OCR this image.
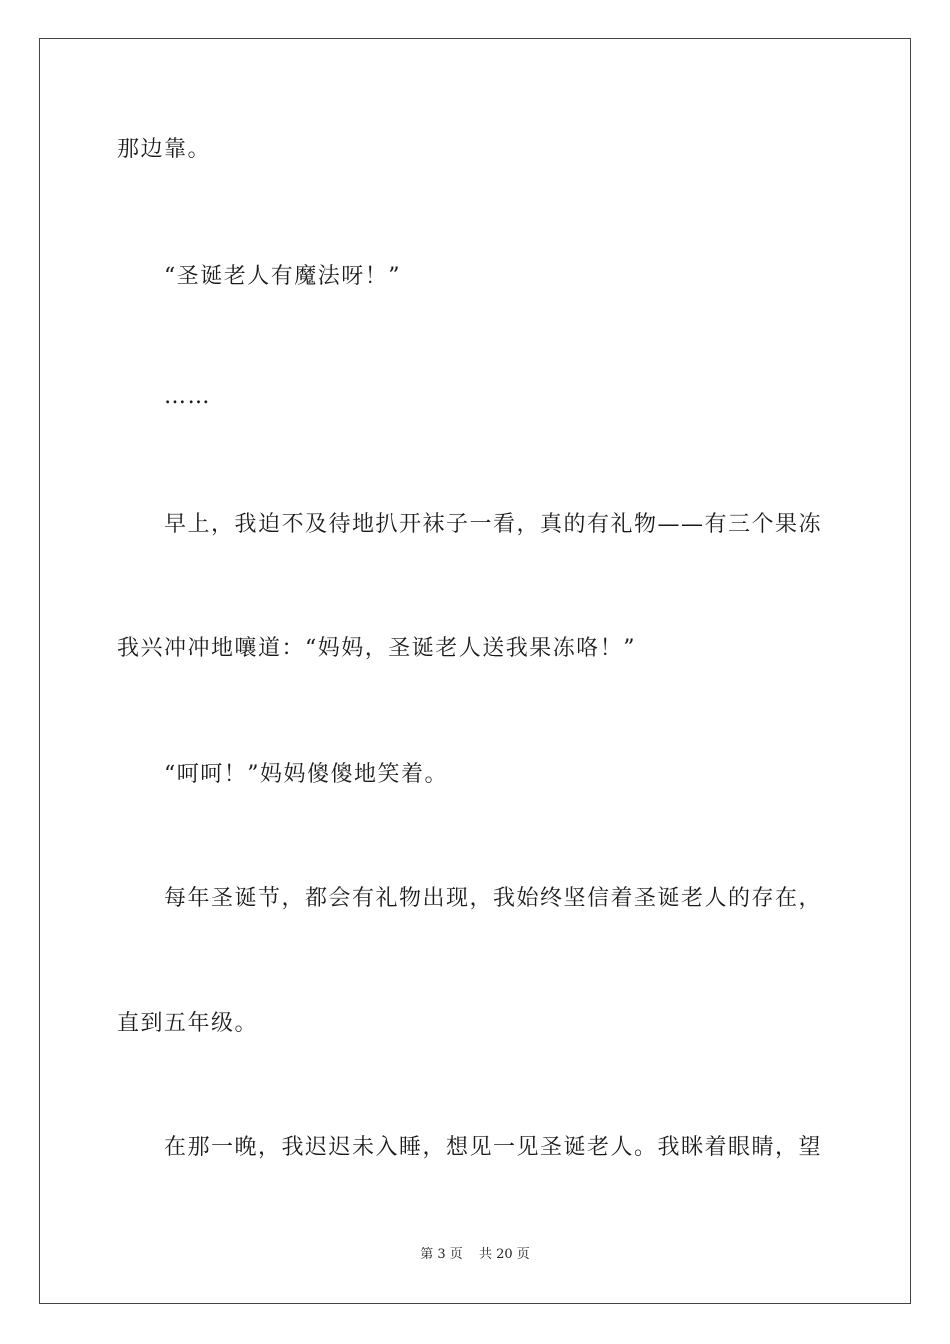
那边靠。
“圣诞老人有魔法呀！”
……
早上，我迫不及待地扒开袜子一看，真的有礼物——有三个果冻
我兴冲冲地嚷道：“妈妈，圣诞老人送我果冻咯！”
“呵呵！”妈妈傻傻地笑着。
每年圣诞节，都会有礼物出现，我始终坚信着圣诞老人的存在，
直到五年级。
在那一晚，我迟迟未入睡，想见一见圣诞老人。我眯着眼睛，望
第 3 页 共 20 页
